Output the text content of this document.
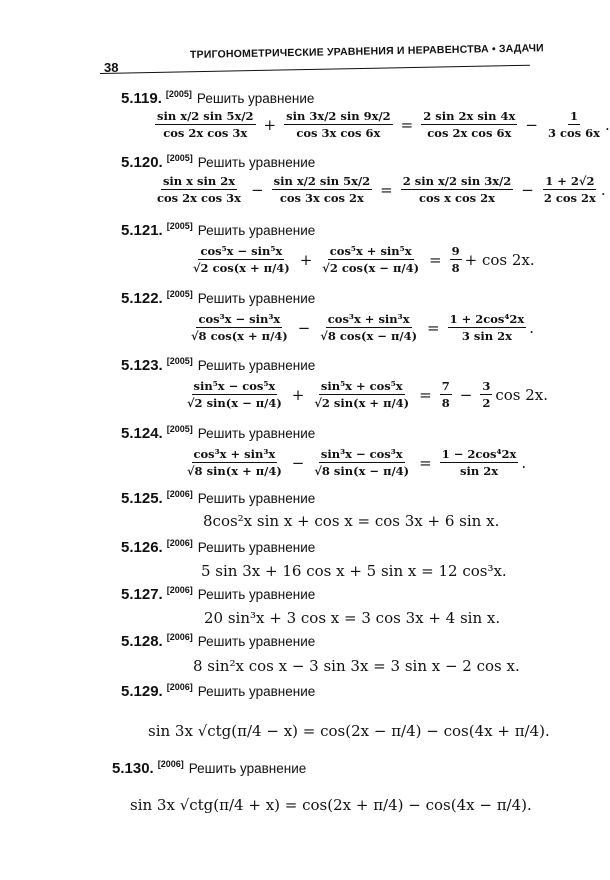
38
ТРИГОНОМЕТРИЧЕСКИЕ УРАВНЕНИЯ И НЕРАВЕНСТВА • ЗАДАЧИ
5.119. [2005] Решить уравнение
$\frac{\text{sin x/2 sin 5x/2}}{\text{cos 2x cos 3x}} + \frac{\sin 3x/2 \sin 9x/2}{\text{cos 3x cos 6x}} = \frac{\text{2 sin 2x sin 4x}}{\text{cos 2x cos 6x}} - \frac{1}{3 \cos 6x}$ .
5.120. [2005] Решить уравнение
$\frac{\text{sin x sin 2x}}{\text{cos 2x cos 3x}} - \frac{\text{sin x/2 sin 5x/2}}{\text{cos 3x cos 2x}} = \frac{\text{2 sin x/2 sin 3x/2}}{\text{cos x cos 2x}} - \frac{1 + 2√2}{2 \cos 2x}$ .
5.121. [2005] Решить уравнение
$\frac{\text{cos⁵x − sin⁵x}}{√2 \cos(x + \pi/4)} + \frac{\text{cos⁵x + sin⁵x}}{√2 \cos(x - \pi/4)} = \frac{9}{8} + \cos 2x$.
5.122. [2005] Решить уравнение
$\frac{\text{cos³x − sin³x}}{√8 \cos(x + \pi/4)} - \frac{\text{cos³x + sin³x}}{√8 \cos(x - \pi/4)} = \frac{\text{1 + 2cos⁴2x}}{3 \sin 2x}$ .
5.123. [2005] Решить уравнение
$\frac{\text{sin⁵x − cos⁵x}}{√2 \sin(x - \pi/4)} + \frac{\text{sin⁵x + cos⁵x}}{√2 \sin(x + \pi/4)} = \frac{7}{8} - \frac{3}{2}$ cos 2x.
5.124. [2005] Решить уравнение
$\frac{\text{cos³x + sin³x}}{√8 \sin(x + \pi/4)} - \frac{\text{sin³x − cos³x}}{√8 \sin(x - \pi/4)} = \frac{\text{1 − 2cos⁴2x}}{\sin 2x}$ .
5.125. [2006] Решить уравнение
8cos²x sin x + cos x = cos 3x + 6 sin x.
5.126. [2006] Решить уравнение
5 sin 3x + 16 cos x + 5 sin x = 12 cos³x.
5.127. [2006] Решить уравнение
20 sin³x + 3 cos x = 3 cos 3x + 4 sin x.
5.128. [2006] Решить уравнение
8 sin²x cos x − 3 sin 3x = 3 sin x − 2 cos x.
5.129. [2006] Решить уравнение
sin 3x √ctg(π/4 − x) = cos(2x − π/4) − cos(4x + π/4).
5.130. [2006] Решить уравнение
sin 3x √ctg(π/4 + x) = cos(2x + π/4) − cos(4x − π/4).
